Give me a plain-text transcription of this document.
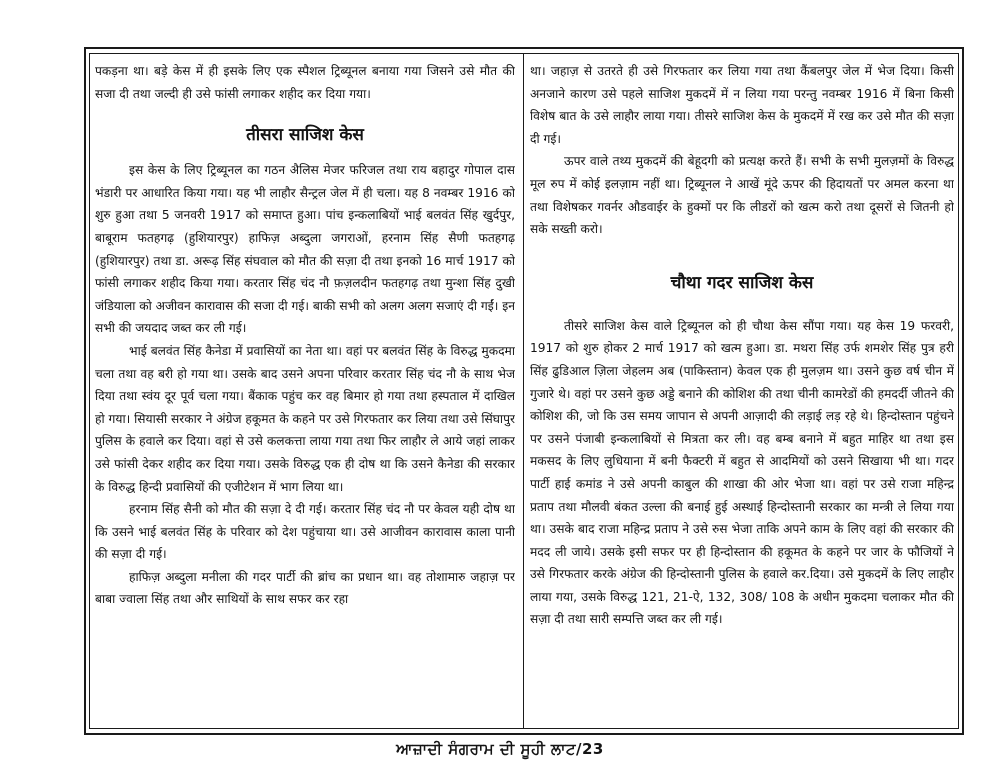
पकड़ना था। बड़े केस में ही इसके लिए एक स्पैशल ट्रिब्यूनल बनाया गया जिसने उसे मौत की सजा दी तथा जल्दी ही उसे फांसी लगाकर शहीद कर दिया गया।

तीसरा साजिश केस

इस केस के लिए ट्रिब्यूनल का गठन अैलिस मेजर फरिजल तथा राय बहादुर गोपाल दास भंडारी पर आधारित किया गया। यह भी लाहौर सैन्ट्रल जेल में ही चला। यह 8 नवम्बर 1916 को शुरु हुआ तथा 5 जनवरी 1917 को समाप्त हुआ। पांच इन्कलाबियों भाई बलवंत सिंह खुर्दपुर, बाबूराम फतहगढ़ (हुशियारपुर) हाफिज़ अब्दुला जगराओं, हरनाम सिंह सैणी फतहगढ़ (हुशियारपुर) तथा डा. अरूढ़ सिंह संघवाल को मौत की सज़ा दी तथा इनको 16 मार्च 1917 को फांसी लगाकर शहीद किया गया। करतार सिंह चंद नौ फ़ज़लदीन फतहगढ़ तथा मुन्शा सिंह दुखी जंडियाला को अजीवन कारावास की सजा दी गई। बाकी सभी को अलग अलग सजाएं दी गईं। इन सभी की जयदाद जब्त कर ली गई।

भाई बलवंत सिंह कैनेडा में प्रवासियों का नेता था। वहां पर बलवंत सिंह के विरुद्ध मुकदमा चला तथा वह बरी हो गया था। उसके बाद उसने अपना परिवार करतार सिंह चंद नौ के साथ भेज दिया तथा स्वंय दूर पूर्व चला गया। बैंकाक पहुंच कर वह बिमार हो गया तथा हस्पताल में दाखिल हो गया। सियासी सरकार ने अंग्रेज हकूमत के कहने पर उसे गिरफतार कर लिया तथा उसे सिंघापुर पुलिस के हवाले कर दिया। वहां से उसे कलकत्ता लाया गया तथा फिर लाहौर ले आये जहां लाकर उसे फांसी देकर शहीद कर दिया गया। उसके विरुद्ध एक ही दोष था कि उसने कैनेडा की सरकार के विरुद्ध हिन्दी प्रवासियों की एजीटेशन में भाग लिया था।

हरनाम सिंह सैनी को मौत की सज़ा दे दी गई। करतार सिंह चंद नौ पर केवल यही दोष था कि उसने भाई बलवंत सिंह के परिवार को देश पहुंचाया था। उसे आजीवन कारावास काला पानी की सज़ा दी गई।

हाफिज़ अब्दुला मनीला की गदर पार्टी की ब्रांच का प्रधान था। वह तोशामारु जहाज़ पर बाबा ज्वाला सिंह तथा और साथियों के साथ सफर कर रहा

था। जहाज़ से उतरते ही उसे गिरफतार कर लिया गया तथा कैंबलपुर जेल में भेज दिया। किसी अनजाने कारण उसे पहले साजिश मुकदमें में न लिया गया परन्तु नवम्बर 1916 में बिना किसी विशेष बात के उसे लाहौर लाया गया। तीसरे साजिश केस के मुकदमें में रख कर उसे मौत की सज़ा दी गई।

ऊपर वाले तथ्य मुकदमें की बेहूदगी को प्रत्यक्ष करते हैं। सभी के सभी मुलज़मों के विरुद्ध मूल रुप में कोई इलज़ाम नहीं था। ट्रिब्यूनल ने आखें मूंदे ऊपर की हिदायतों पर अमल करना था तथा विशेषकर गवर्नर औडवाईर के हुक्मों पर कि लीडरों को खत्म करो तथा दूसरों से जितनी हो सके सख्ती करो।

चौथा गदर साजिश केस

तीसरे साजिश केस वाले ट्रिब्यूनल को ही चौथा केस सौंपा गया। यह केस 19 फरवरी, 1917 को शुरु होकर 2 मार्च 1917 को खत्म हुआ। डा. मथरा सिंह उर्फ शमशेर सिंह पुत्र हरी सिंह ढुडिआल ज़िला जेहलम अब (पाकिस्तान) केवल एक ही मुलज़म था। उसने कुछ वर्ष चीन में गुजारे थे। वहां पर उसने कुछ अड्डे बनाने की कोशिश की तथा चीनी कामरेडों की हमदर्दी जीतने की कोशिश की, जो कि उस समय जापान से अपनी आज़ादी की लड़ाई लड़ रहे थे। हिन्दोस्तान पहुंचने पर उसने पंजाबी इन्कलाबियों से मित्रता कर ली। वह बम्ब बनाने में बहुत माहिर था तथा इस मकसद के लिए लुधियाना में बनी फैक्टरी में बहुत से आदमियों को उसने सिखाया भी था। गदर पार्टी हाई कमांड ने उसे अपनी काबुल की शाखा की ओर भेजा था। वहां पर उसे राजा महिन्द्र प्रताप तथा मौलवी बंकत उल्ला की बनाई हुई अस्थाई हिन्दोस्तानी सरकार का मन्त्री ले लिया गया था। उसके बाद राजा महिन्द्र प्रताप ने उसे रुस भेजा ताकि अपने काम के लिए वहां की सरकार की मदद ली जाये। उसके इसी सफर पर ही हिन्दोस्तान की हकूमत के कहने पर जार के फौजियों ने उसे गिरफतार करके अंग्रेज की हिन्दोस्तानी पुलिस के हवाले कर.दिया। उसे मुकदमें के लिए लाहौर लाया गया, उसके विरुद्ध 121, 21-ऐ, 132, 308/ 108 के अधीन मुकदमा चलाकर मौत की सज़ा दी तथा सारी सम्पत्ति जब्त कर ली गई।

ਆਜ਼ਾਦੀ ਸੰਗਰਾਮ ਦੀ ਸੂਹੀ ਲਾਟ/23
